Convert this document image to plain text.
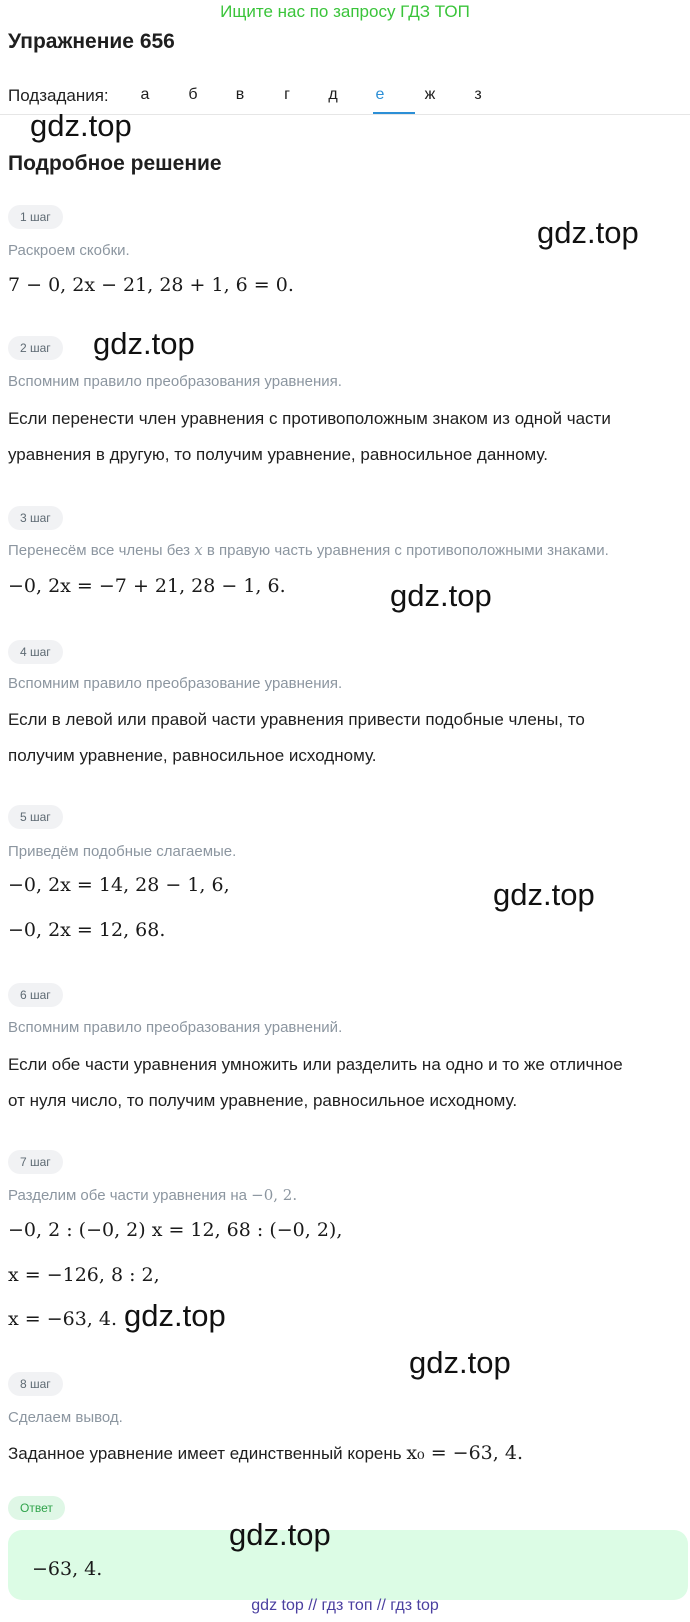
Ищите нас по запросу ГДЗ ТОП
Упражнение 656
Подзадания:	а	б	в	г	д	е	ж	з
gdz.top
Подробное решение
1 шаг	gdz.top
Раскроем скобки.
7 − 0, 2x − 21, 28 + 1, 6 = 0.
2 шаг	gdz.top
Вспомним правило преобразования уравнения.
Если перенести член уравнения с противоположным знаком из одной части
уравнения в другую, то получим уравнение, равносильное данному.
3 шаг
Перенесём все члены без x в правую часть уравнения с противоположными знаками.
−0, 2x = −7 + 21, 28 − 1, 6.	gdz.top
4 шаг
Вспомним правило преобразование уравнения.
Если в левой или правой части уравнения привести подобные члены, то
получим уравнение, равносильное исходному.
5 шаг
Приведём подобные слагаемые.
−0, 2x = 14, 28 − 1, 6,
−0, 2x = 12, 68.
gdz.top
6 шаг
Вспомним правило преобразования уравнений.
Если обе части уравнения умножить или разделить на одно и то же отличное
от нуля число, то получим уравнение, равносильное исходному.
7 шаг
Разделим обе части уравнения на −0, 2.
−0, 2 : (−0, 2) x = 12, 68 : (−0, 2),
x = −126, 8 : 2,
x = −63, 4. gdz.top
gdz.top
8 шаг
Сделаем вывод.
Заданное уравнение имеет единственный корень x₀ = −63, 4.
Ответ
gdz.top
−63, 4.
gdz top // гдз топ // гдз top
